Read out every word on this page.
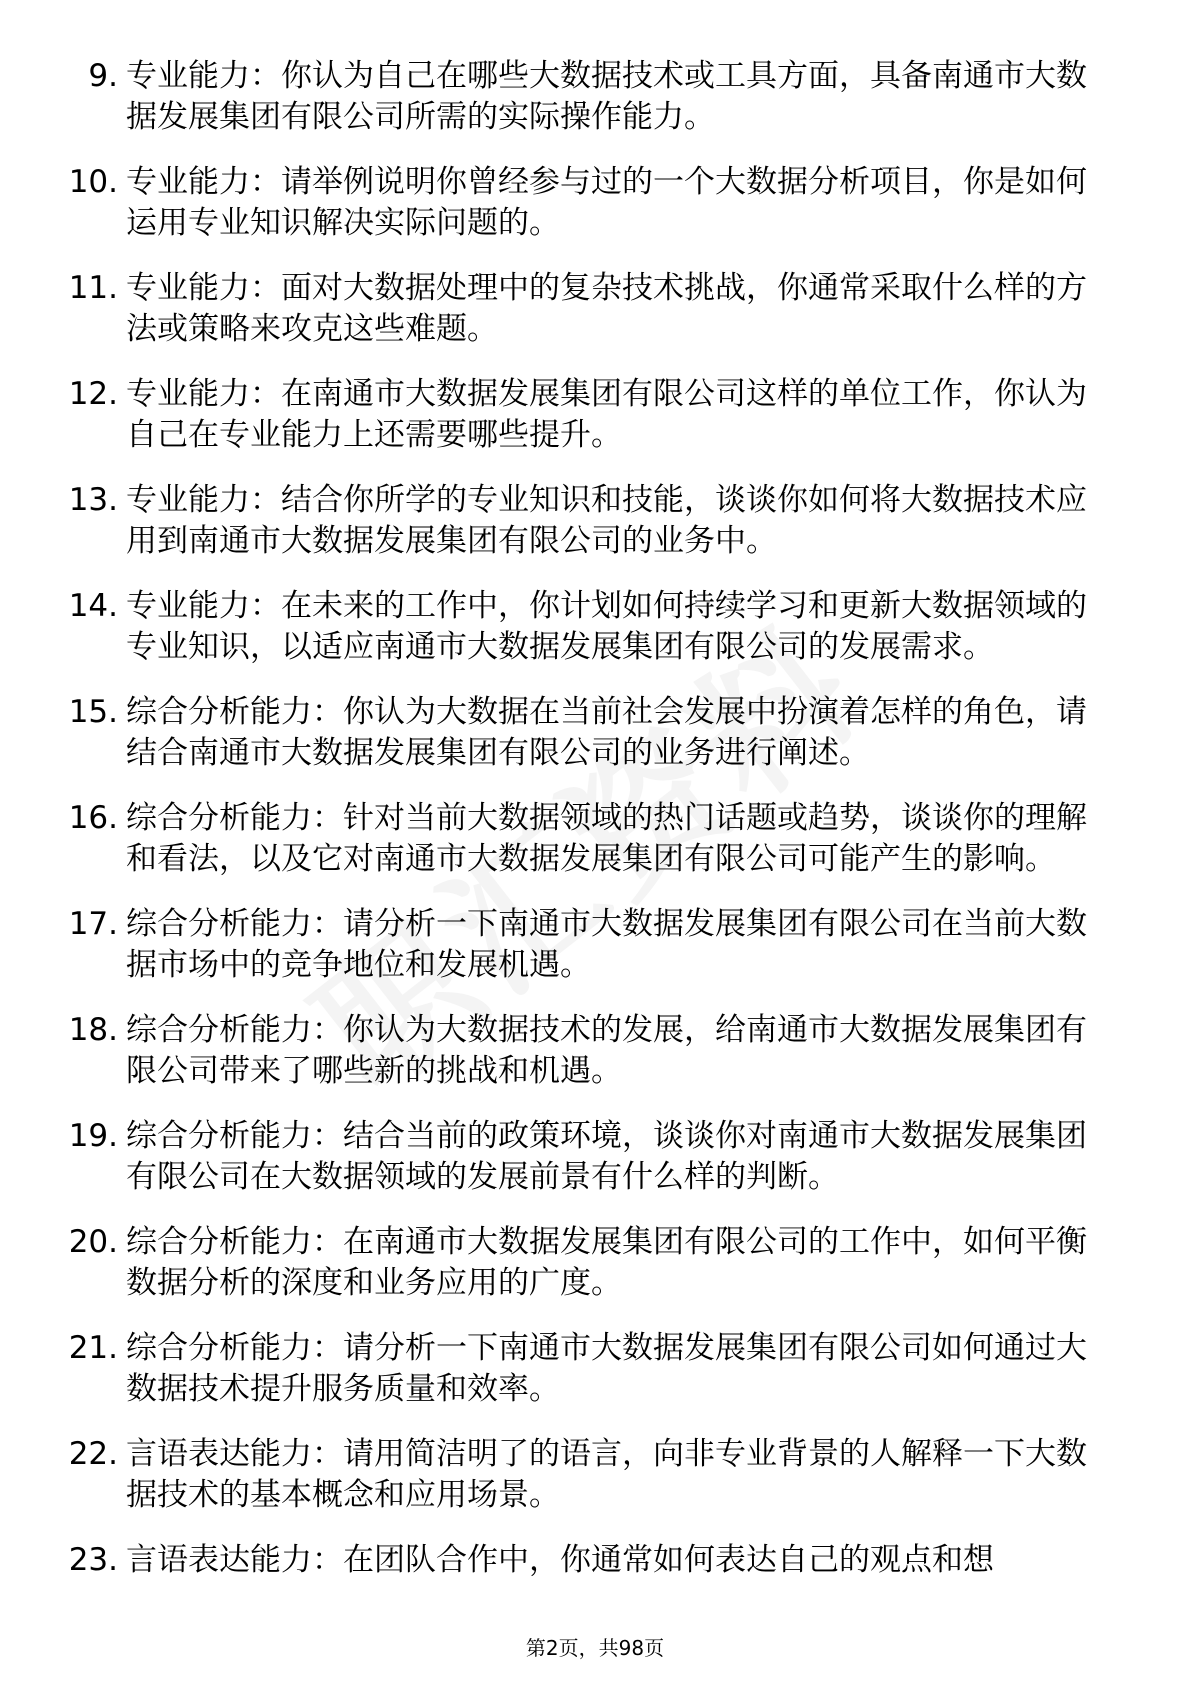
9. 专业能力：你认为自己在哪些大数据技术或工具方面，具备南通市大数据发展集团有限公司所需的实际操作能力。
10. 专业能力：请举例说明你曾经参与过的一个大数据分析项目，你是如何运用专业知识解决实际问题的。
11. 专业能力：面对大数据处理中的复杂技术挑战，你通常采取什么样的方法或策略来攻克这些难题。
12. 专业能力：在南通市大数据发展集团有限公司这样的单位工作，你认为自己在专业能力上还需要哪些提升。
13. 专业能力：结合你所学的专业知识和技能，谈谈你如何将大数据技术应用到南通市大数据发展集团有限公司的业务中。
14. 专业能力：在未来的工作中，你计划如何持续学习和更新大数据领域的专业知识，以适应南通市大数据发展集团有限公司的发展需求。
15. 综合分析能力：你认为大数据在当前社会发展中扮演着怎样的角色，请结合南通市大数据发展集团有限公司的业务进行阐述。
16. 综合分析能力：针对当前大数据领域的热门话题或趋势，谈谈你的理解和看法，以及它对南通市大数据发展集团有限公司可能产生的影响。
17. 综合分析能力：请分析一下南通市大数据发展集团有限公司在当前大数据市场中的竞争地位和发展机遇。
18. 综合分析能力：你认为大数据技术的发展，给南通市大数据发展集团有限公司带来了哪些新的挑战和机遇。
19. 综合分析能力：结合当前的政策环境，谈谈你对南通市大数据发展集团有限公司在大数据领域的发展前景有什么样的判断。
20. 综合分析能力：在南通市大数据发展集团有限公司的工作中，如何平衡数据分析的深度和业务应用的广度。
21. 综合分析能力：请分析一下南通市大数据发展集团有限公司如何通过大数据技术提升服务质量和效率。
22. 言语表达能力：请用简洁明了的语言，向非专业背景的人解释一下大数据技术的基本概念和应用场景。
23. 言语表达能力：在团队合作中，你通常如何表达自己的观点和想
第2页，共98页
